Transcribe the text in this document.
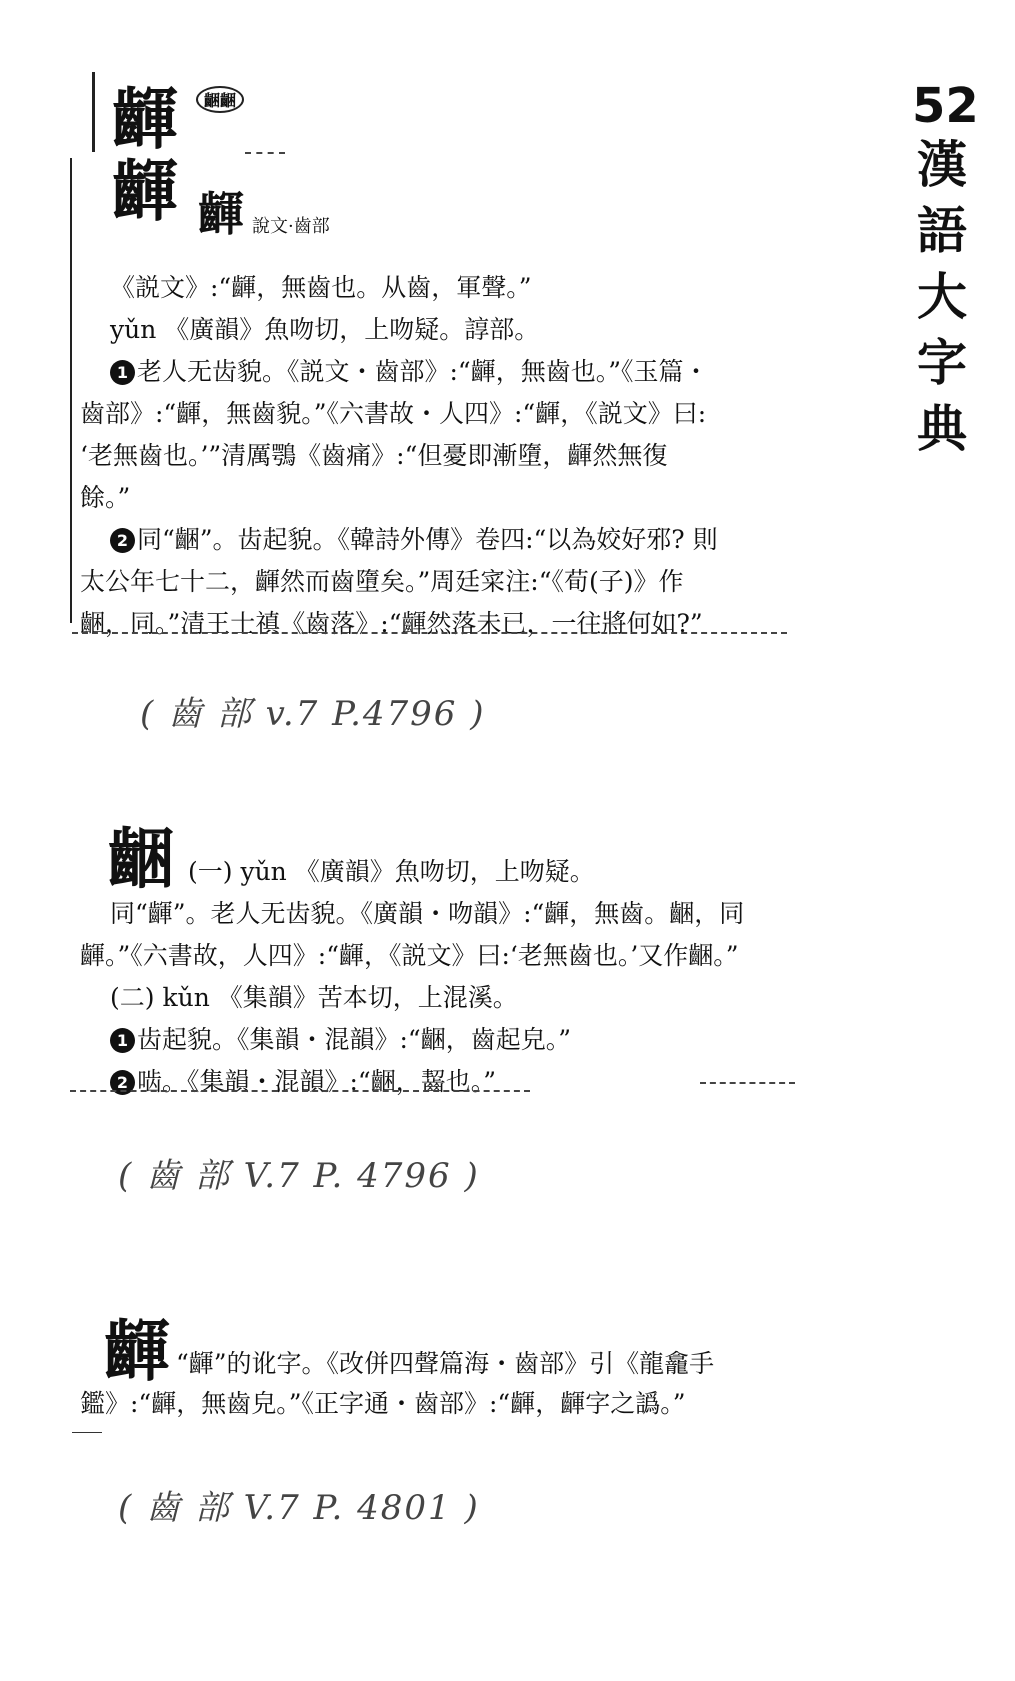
52
漢語大字典
齳	齫齫
齳 齳 說文·齒部
《説文》:“齳，無齒也。从齒，軍聲。”
yǔn 《廣韻》魚吻切，上吻疑。諄部。
1 老人无齿貌。《説文・齒部》:“齳，無齒也。”《玉篇・
齒部》:“齳，無齒貌。”《六書故・人四》:“齳，《説文》曰:
‘老無齒也。’”清厲鶚《齒痛》:“但憂即漸墮，齳然無復
餘。”
2 同“齫”。齿起貌。《韓詩外傳》卷四:“以為姣好邪? 則
太公年七十二，齳然而齒墮矣。”周廷寀注:“《荀(子)》作
齫，同。”清王士禛《齒落》:“齳然落未已，一往將何如?”
( 齒 部 v.7 P.4796 )
齫 (一) yǔn 《廣韻》魚吻切，上吻疑。
同“齳”。老人无齿貌。《廣韻・吻韻》:“齳，無齒。齫，同
齳。”《六書故，人四》:“齳，《説文》曰:‘老無齒也。’又作齫。”
(二) kǔn 《集韻》苦本切，上混溪。
1 齿起貌。《集韻・混韻》:“齫，齒起皃。”
2 啮。《集韻・混韻》:“齫，齧也。”
( 齒 部 V.7 P. 4796 )
齳 “齳”的讹字。《改併四聲篇海・齒部》引《龍龕手
鑑》:“齳，無齒皃。”《正字通・齒部》:“齳，齳字之譌。”
( 齒 部 V.7 P. 4801 )
